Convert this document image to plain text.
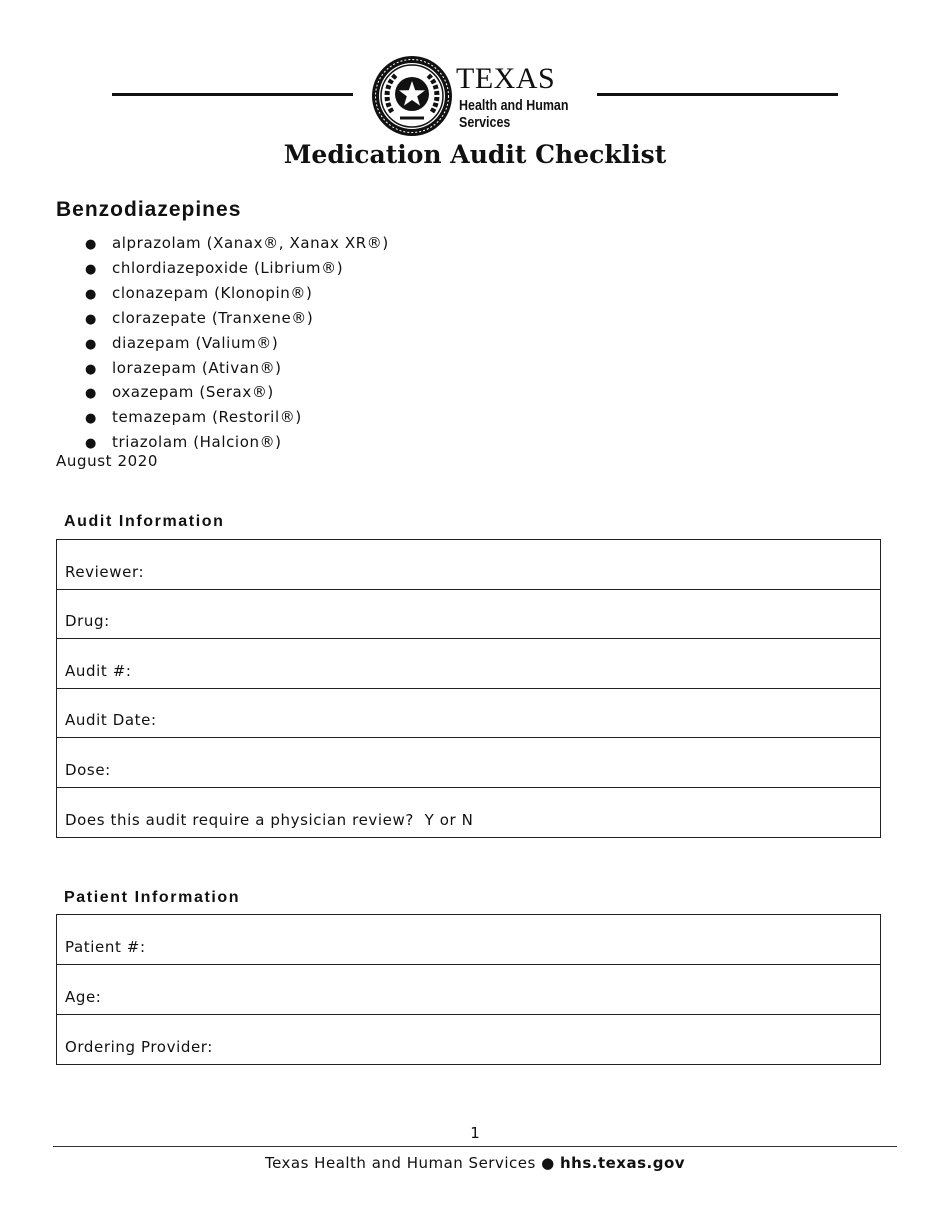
TEXAS
Health and Human
Services
Medication Audit Checklist
Benzodiazepines
● alprazolam (Xanax®, Xanax XR®)
● chlordiazepoxide (Librium®)
● clonazepam (Klonopin®)
● clorazepate (Tranxene®)
● diazepam (Valium®)
● lorazepam (Ativan®)
● oxazepam (Serax®)
● temazepam (Restoril®)
● triazolam (Halcion®)
August 2020
Audit Information
Reviewer:
Drug:
Audit #:
Audit Date:
Dose:
Does this audit require a physician review?  Y or N
Patient Information
Patient #:
Age:
Ordering Provider:
1
Texas Health and Human Services ● hhs.texas.gov
